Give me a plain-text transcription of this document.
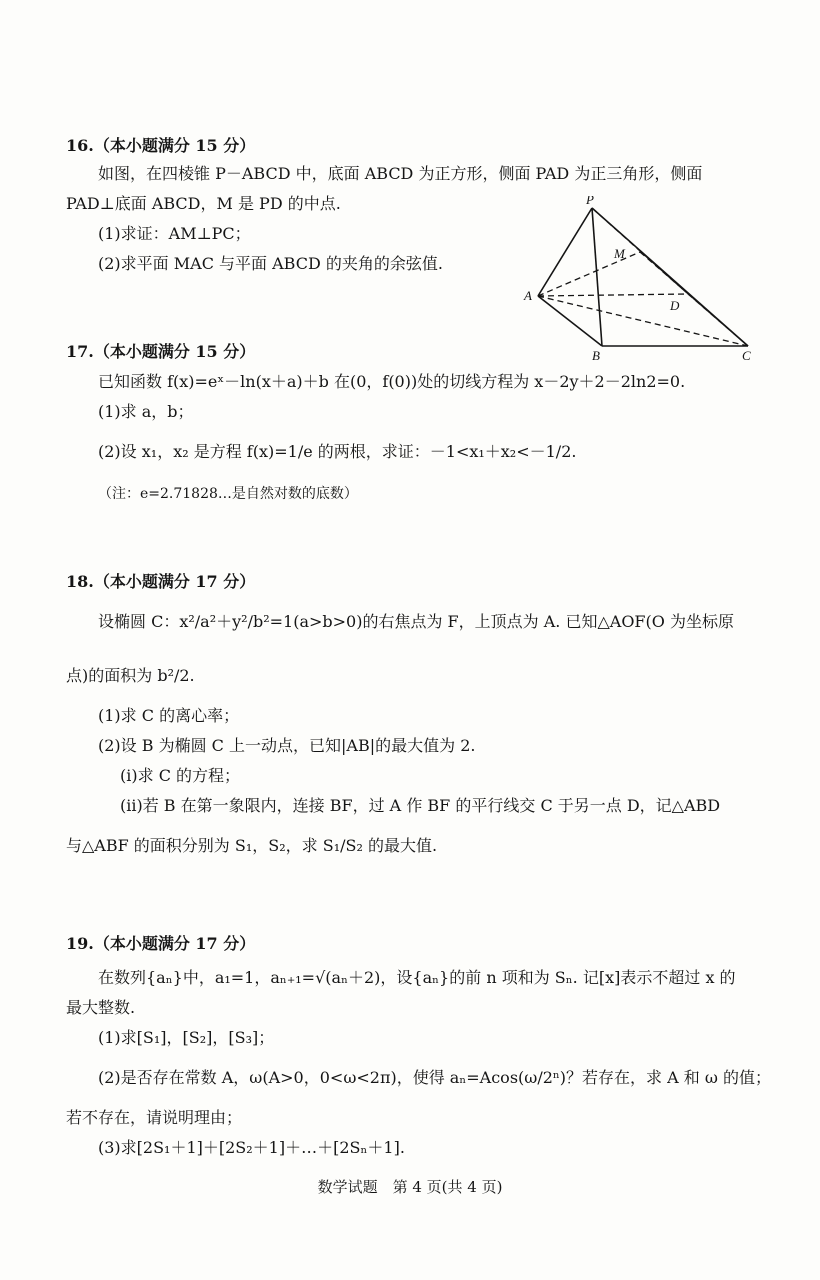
16.（本小题满分 15 分）
如图，在四棱锥 P－ABCD 中，底面 ABCD 为正方形，侧面 PAD 为正三角形，侧面
PAD⊥底面 ABCD，M 是 PD 的中点.
(1)求证：AM⊥PC；
(2)求平面 MAC 与平面 ABCD 的夹角的余弦值.
P
M
A
D
B	C
17.（本小题满分 15 分）
已知函数 f(x)=eˣ－ln(x＋a)＋b 在(0，f(0))处的切线方程为 x－2y＋2－2ln2=0.
(1)求 a，b；
(2)设 x₁，x₂ 是方程 f(x)=1/e 的两根，求证：－1<x₁＋x₂<－1/2.
（注：e=2.71828…是自然对数的底数）
18.（本小题满分 17 分）
设椭圆 C：x²/a²＋y²/b²=1(a>b>0)的右焦点为 F，上顶点为 A. 已知△AOF(O 为坐标原
点)的面积为 b²/2.
(1)求 C 的离心率；
(2)设 B 为椭圆 C 上一动点，已知|AB|的最大值为 2.
(i)求 C 的方程；
(ii)若 B 在第一象限内，连接 BF，过 A 作 BF 的平行线交 C 于另一点 D，记△ABD
与△ABF 的面积分别为 S₁，S₂，求 S₁/S₂ 的最大值.
19.（本小题满分 17 分）
在数列{aₙ}中，a₁=1，aₙ₊₁=√(aₙ＋2)，设{aₙ}的前 n 项和为 Sₙ. 记[x]表示不超过 x 的
最大整数.
(1)求[S₁]，[S₂]，[S₃]；
(2)是否存在常数 A，ω(A>0，0<ω<2π)，使得 aₙ=Acos(ω/2ⁿ)？若存在，求 A 和 ω 的值；
若不存在，请说明理由；
(3)求[2S₁＋1]＋[2S₂＋1]＋…＋[2Sₙ＋1].
数学试题　第 4 页(共 4 页)
